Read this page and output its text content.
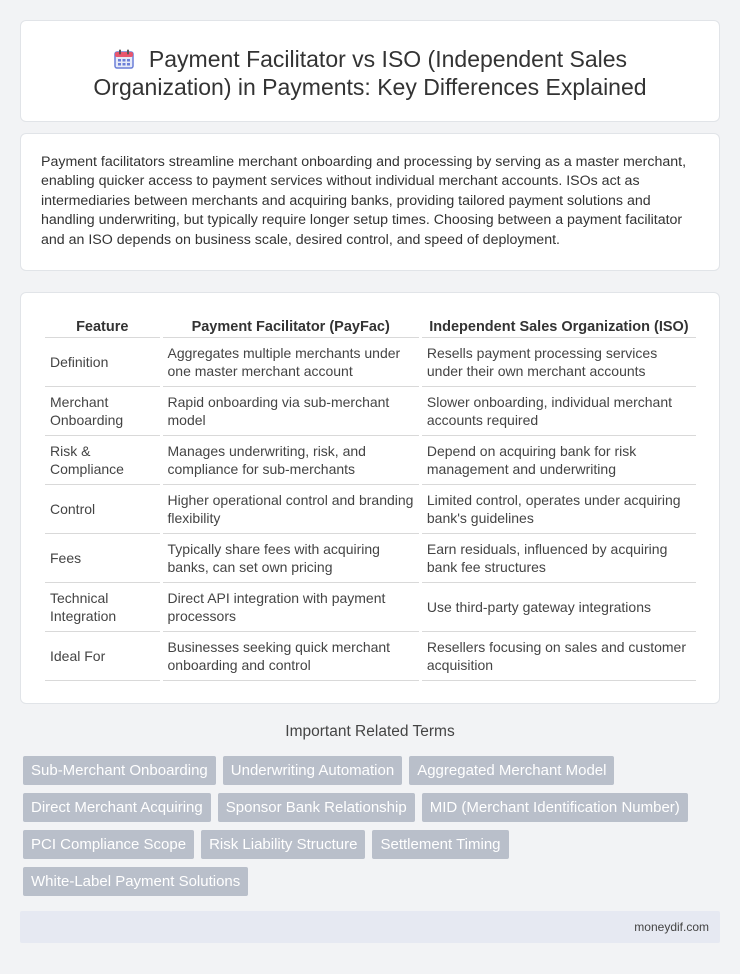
Payment Facilitator vs ISO (Independent Sales Organization) in Payments: Key Differences Explained

Payment facilitators streamline merchant onboarding and processing by serving as a master merchant, enabling quicker access to payment services without individual merchant accounts. ISOs act as intermediaries between merchants and acquiring banks, providing tailored payment solutions and handling underwriting, but typically require longer setup times. Choosing between a payment facilitator and an ISO depends on business scale, desired control, and speed of deployment.

Feature	Payment Facilitator (PayFac)	Independent Sales Organization (ISO)
Definition	Aggregates multiple merchants under one master merchant account	Resells payment processing services under their own merchant accounts
Merchant Onboarding	Rapid onboarding via sub-merchant model	Slower onboarding, individual merchant accounts required
Risk & Compliance	Manages underwriting, risk, and compliance for sub-merchants	Depend on acquiring bank for risk management and underwriting
Control	Higher operational control and branding flexibility	Limited control, operates under acquiring bank's guidelines
Fees	Typically share fees with acquiring banks, can set own pricing	Earn residuals, influenced by acquiring bank fee structures
Technical Integration	Direct API integration with payment processors	Use third-party gateway integrations
Ideal For	Businesses seeking quick merchant onboarding and control	Resellers focusing on sales and customer acquisition
Important Related Terms
Sub-Merchant Onboarding	Underwriting Automation	Aggregated Merchant Model
Direct Merchant Acquiring	Sponsor Bank Relationship	MID (Merchant Identification Number)
PCI Compliance Scope	Risk Liability Structure	Settlement Timing
White-Label Payment Solutions
moneydif.com
